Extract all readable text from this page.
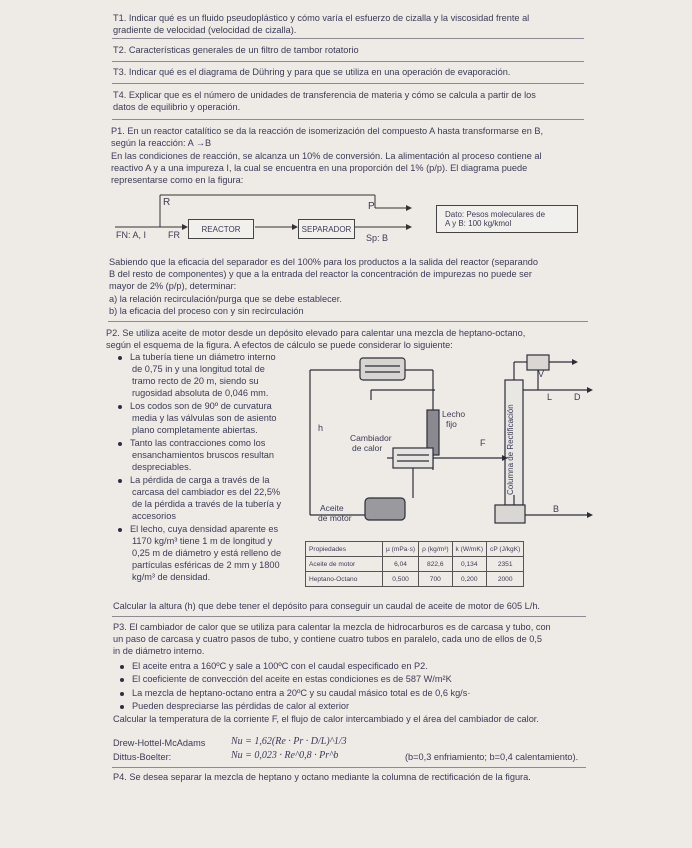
T1. Indicar qué es un fluido pseudoplástico y cómo varía el esfuerzo de cizalla y la viscosidad frente al
gradiente de velocidad (velocidad de cizalla).
T2. Características generales de un filtro de tambor rotatorio
T3. Indicar qué es el diagrama de Dühring y para que se utiliza en una operación de evaporación.
T4. Explicar que es el número de unidades de transferencia de materia y cómo se calcula a partir de los
datos de equilibrio y operación.
P1. En un reactor catalítico se da la reacción de isomerización del compuesto A hasta transformarse en B,
según la reacción: A →B
En las condiciones de reacción, se alcanza un 10% de conversión. La alimentación al proceso contiene al
reactivo A y a una impureza I, la cual se encuentra en una proporción del 1% (p/p). El diagrama puede
representarse como en la figura:
R	P
FN: A, I FR
REACTOR	SEPARADOR
Sp: B
Dato: Pesos moleculares de
A y B: 100 kg/kmol
Sabiendo que la eficacia del separador es del 100% para los productos a la salida del reactor (separando
B del resto de componentes) y que a la entrada del reactor la concentración de impurezas no puede ser
mayor de 2% (p/p), determinar:
a) la relación recirculación/purga que se debe establecer.
b) la eficacia del proceso con y sin recirculación
P2. Se utiliza aceite de motor desde un depósito elevado para calentar una mezcla de heptano-octano,
según el esquema de la figura. A efectos de cálculo se puede considerar lo siguiente:
La tubería tiene un diámetro interno
de 0,75 in y una longitud total de
tramo recto de 20 m, siendo su
rugosidad absoluta de 0,046 mm.
Los codos son de 90º de curvatura
media y las válvulas son de asiento
plano completamente abiertas.
Tanto las contracciones como los
ensanchamientos bruscos resultan
despreciables.
La pérdida de carga a través de la
carcasa del cambiador es del 22,5%
de la pérdida a través de la tubería y
accesorios
El lecho, cuya densidad aparente es
1170 kg/m³ tiene 1 m de longitud y
0,25 m de diámetro y está relleno de
partículas esféricas de 2 mm y 1800
kg/m³ de densidad.
Lecho
fijo
h
Cambiador
de calor	F
Aceite
de motor
Columna de Rectificación
V
L D
B
Propiedades	µ (mPa·s)	ρ (kg/m³)	k (W/mK)	cP (J/kgK)
Aceite de motor	6,04	822,6	0,134	2351
Heptano-Octano	0,500	700	0,200	2000
Calcular la altura (h) que debe tener el depósito para conseguir un caudal de aceite de motor de 605 L/h.
P3. El cambiador de calor que se utiliza para calentar la mezcla de hidrocarburos es de carcasa y tubo, con
un paso de carcasa y cuatro pasos de tubo, y contiene cuatro tubos en paralelo, cada uno de ellos de 0,5
in de diámetro interno.
El aceite entra a 160ºC y sale a 100ºC con el caudal especificado en P2.
El coeficiente de convección del aceite en estas condiciones es de 587 W/m²K
La mezcla de heptano-octano entra a 20ºC y su caudal másico total es de 0,6 kg/s·
Pueden despreciarse las pérdidas de calor al exterior
Calcular la temperatura de la corriente F, el flujo de calor intercambiado y el área del cambiador de calor.
Drew-Hottel-McAdams	Nu = 1,62(Re · Pr · D/L)^1/3
Dittus-Boelter:	Nu = 0,023 · Re^0,8 · Pr^b	(b=0,3 enfriamiento; b=0,4 calentamiento).
P4. Se desea separar la mezcla de heptano y octano mediante la columna de rectificación de la figura.
